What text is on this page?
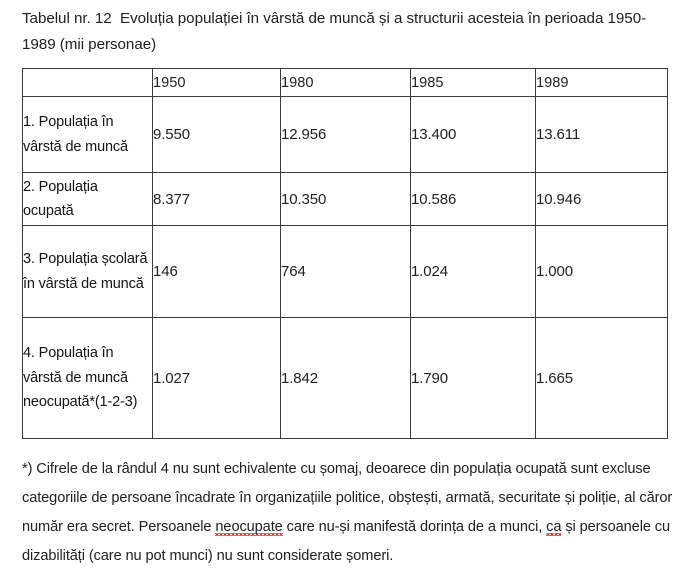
Tabelul nr. 12  Evoluția populației în vârstă de muncă și a structurii acesteia în perioada 1950-1989 (mii personae)
	1950	1980	1985	1989
1. Populația în vârstă de muncă	9.550	12.956	13.400	13.611
2. Populația ocupată	8.377	10.350	10.586	10.946
3. Populația școlară în vârstă de muncă	146	764	1.024	1.000
4. Populația în vârstă de muncă neocupată*(1-2-3)	1.027	1.842	1.790	1.665

*) Cifrele de la rândul 4 nu sunt echivalente cu șomaj, deoarece din populația ocupată sunt excluse categoriile de persoane încadrate în organizațiile politice, obștești, armată, securitate și poliție, al căror număr era secret. Persoanele neocupate care nu-și manifestă dorința de a munci, ca și persoanele cu dizabilități (care nu pot munci) nu sunt considerate șomeri.
